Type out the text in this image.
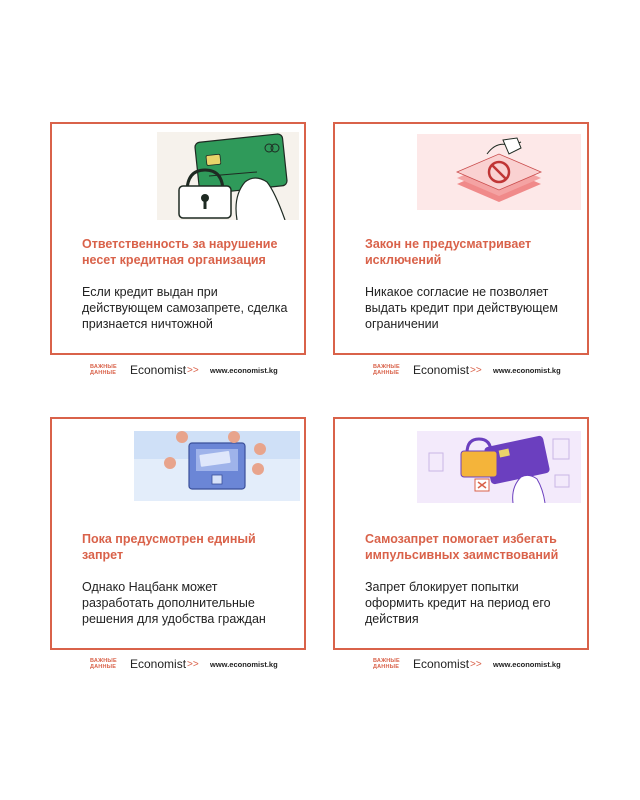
Ответственность за нарушение несет кредитная организация
Если кредит выдан при действующем самозапрете, сделка признается ничтожной
Закон не предусматривает исключений
Никакое согласие не позволяет выдать кредит при действующем ограничении
Пока предусмотрен единый запрет
Однако Нацбанк может разработать дополнительные решения для удобства граждан
Самозапрет помогает избегать импульсивных заимствований
Запрет блокирует попытки оформить кредит на период его действия
ВАЖНЫЕ
ДАННЫЕ Economist >> www.economist.kg	ВАЖНЫЕ
ДАННЫЕ Economist >> www.economist.kg
ВАЖНЫЕ
ДАННЫЕ Economist >> www.economist.kg	ВАЖНЫЕ
ДАННЫЕ Economist >> www.economist.kg
